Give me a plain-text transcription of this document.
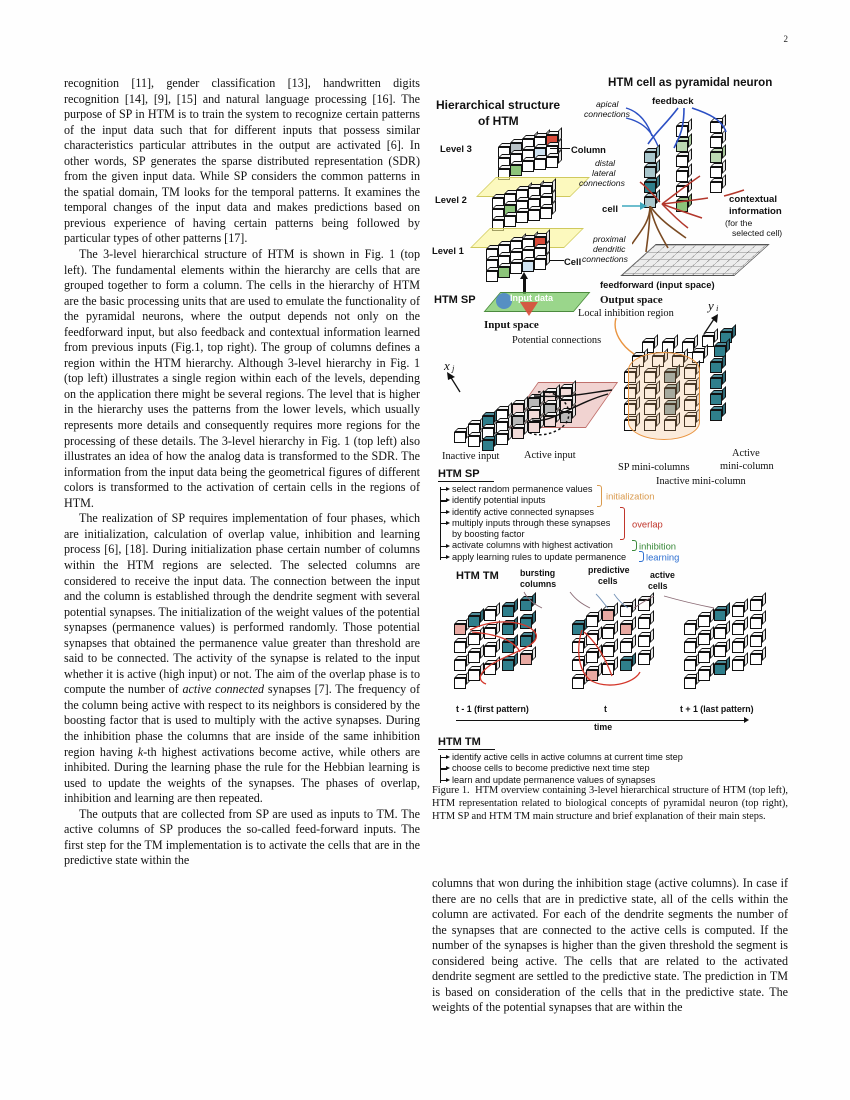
2

recognition [11], gender classification [13], handwritten digits recognition [14], [9], [15] and natural language processing [16]. The purpose of SP in HTM is to train the system to recognize certain patterns of the input data such that for different inputs that possess similar characteristics particular attributes in the output are activated [6]. In other words, SP generates the sparse distributed representation (SDR) from the given input data. While SP considers the common patterns in the spatial domain, TM looks for the temporal patterns. It examines the temporal changes of the input data and makes predictions based on previous experience of having certain patterns being followed by particular types of other patterns [17].

The 3-level hierarchical structure of HTM is shown in Fig. 1 (top left). The fundamental elements within the hierarchy are cells that are grouped together to form a column. The cells in the hierarchy of HTM are the basic processing units that are used to emulate the functionality of the pyramidal neurons, where the output depends not only on the feedforward input, but also feedback and contextual information learned from previous inputs (Fig.1, top right). The group of columns defines a region within the HTM hierarchy. Although 3-level hierarchy in Fig. 1 (top left) illustrates a single region within each of the levels, depending on the application there might be several regions. The level that is higher in the hierarchy uses the patterns from the lower levels, which usually represents more details and consequently requires more regions for the processing of these details. The 3-level hierarchy in Fig. 1 (top left) also illustrates an idea of how the analog data is transformed to the SDR. The information from the input data being the geometrical figures of different colors is transformed to the activation of certain cells in the regions of HTM.

The realization of SP requires implementation of four phases, which are initialization, calculation of overlap value, inhibition and learning process [6], [18]. During initialization phase certain number of columns within the HTM regions are selected. The selected columns are considered to receive the input data. The connection between the input and the column is established through the dendrite segment with several potential synapses. The initialization of the weight values of the potential synapses (permanence values) is performed randomly. Those potential synapses that obtained the permanence value greater than threshold are said to be connected. The activity of the synapse is related to the input whether it is active (high input) or not. The aim of the overlap phase is to compute the number of active connected synapses [7]. The frequency of the column being active with respect to its neighbors is considered by the boosting factor that is used to multiply with the active synapses. During the inhibition phase the columns that are inside of the same inhibition region having k-th highest activations become active, while others are inhibited. During the learning phase the rule for the Hebbian learning is used to update the weights of the synapses. The phases of overlap, inhibition and learning are then repeated.

The outputs that are collected from SP are used as inputs to TM. The active columns of SP produces the so-called feed-forward inputs. The first step for the TM implementation is to activate the cells that are in the predictive state within the

Hierarchical structure
of HTM
Level 3
Level 2
Level 1
Column
Cell
Input data
HTM cell as pyramidal neuron
feedback
apical
connections
distal
lateral
connections
cell
proximal
dendritic
connections
feedforward (input space)
contextual
information
(for the
selected cell)
HTM SP	Output space
Local inhibition region
Input space
Potential connections
x j
y i
Inactive input Active input
SP mini-columns
Active
mini-column
Inactive mini-column
HTM SP
select random permanence values
identify potential inputs
identify active connected synapses
multiply inputs through these synapses
by boosting factor
activate columns with highest activation
apply learning rules to update permanence
initialization
overlap
inhibition
learning
HTM TM bursting
columns
predictive
cells
active
cells
t - 1 (first pattern)	t	t + 1 (last pattern)
time
HTM TM
identify active cells in active columns at current time step
choose cells to become predictive next time step
learn and update permanence values of synapses
Figure 1. HTM overview containing 3-level hierarchical structure of HTM (top left), HTM representation related to biological concepts of pyramidal neuron (top right), HTM SP and HTM TM main structure and brief explanation of their main steps.

columns that won during the inhibition stage (active columns). In case if there are no cells that are in predictive state, all of the cells within the column are activated. For each of the dendrite segments the number of the synapses that are connected to the active cells is computed. If the number of the synapses is higher than the given threshold the segment is considered being active. The cells that are related to the activated dendrite segment are settled to the predictive state. The prediction in TM is based on consideration of the cells that in the predictive state. The weights of the potential synapses that are within the
